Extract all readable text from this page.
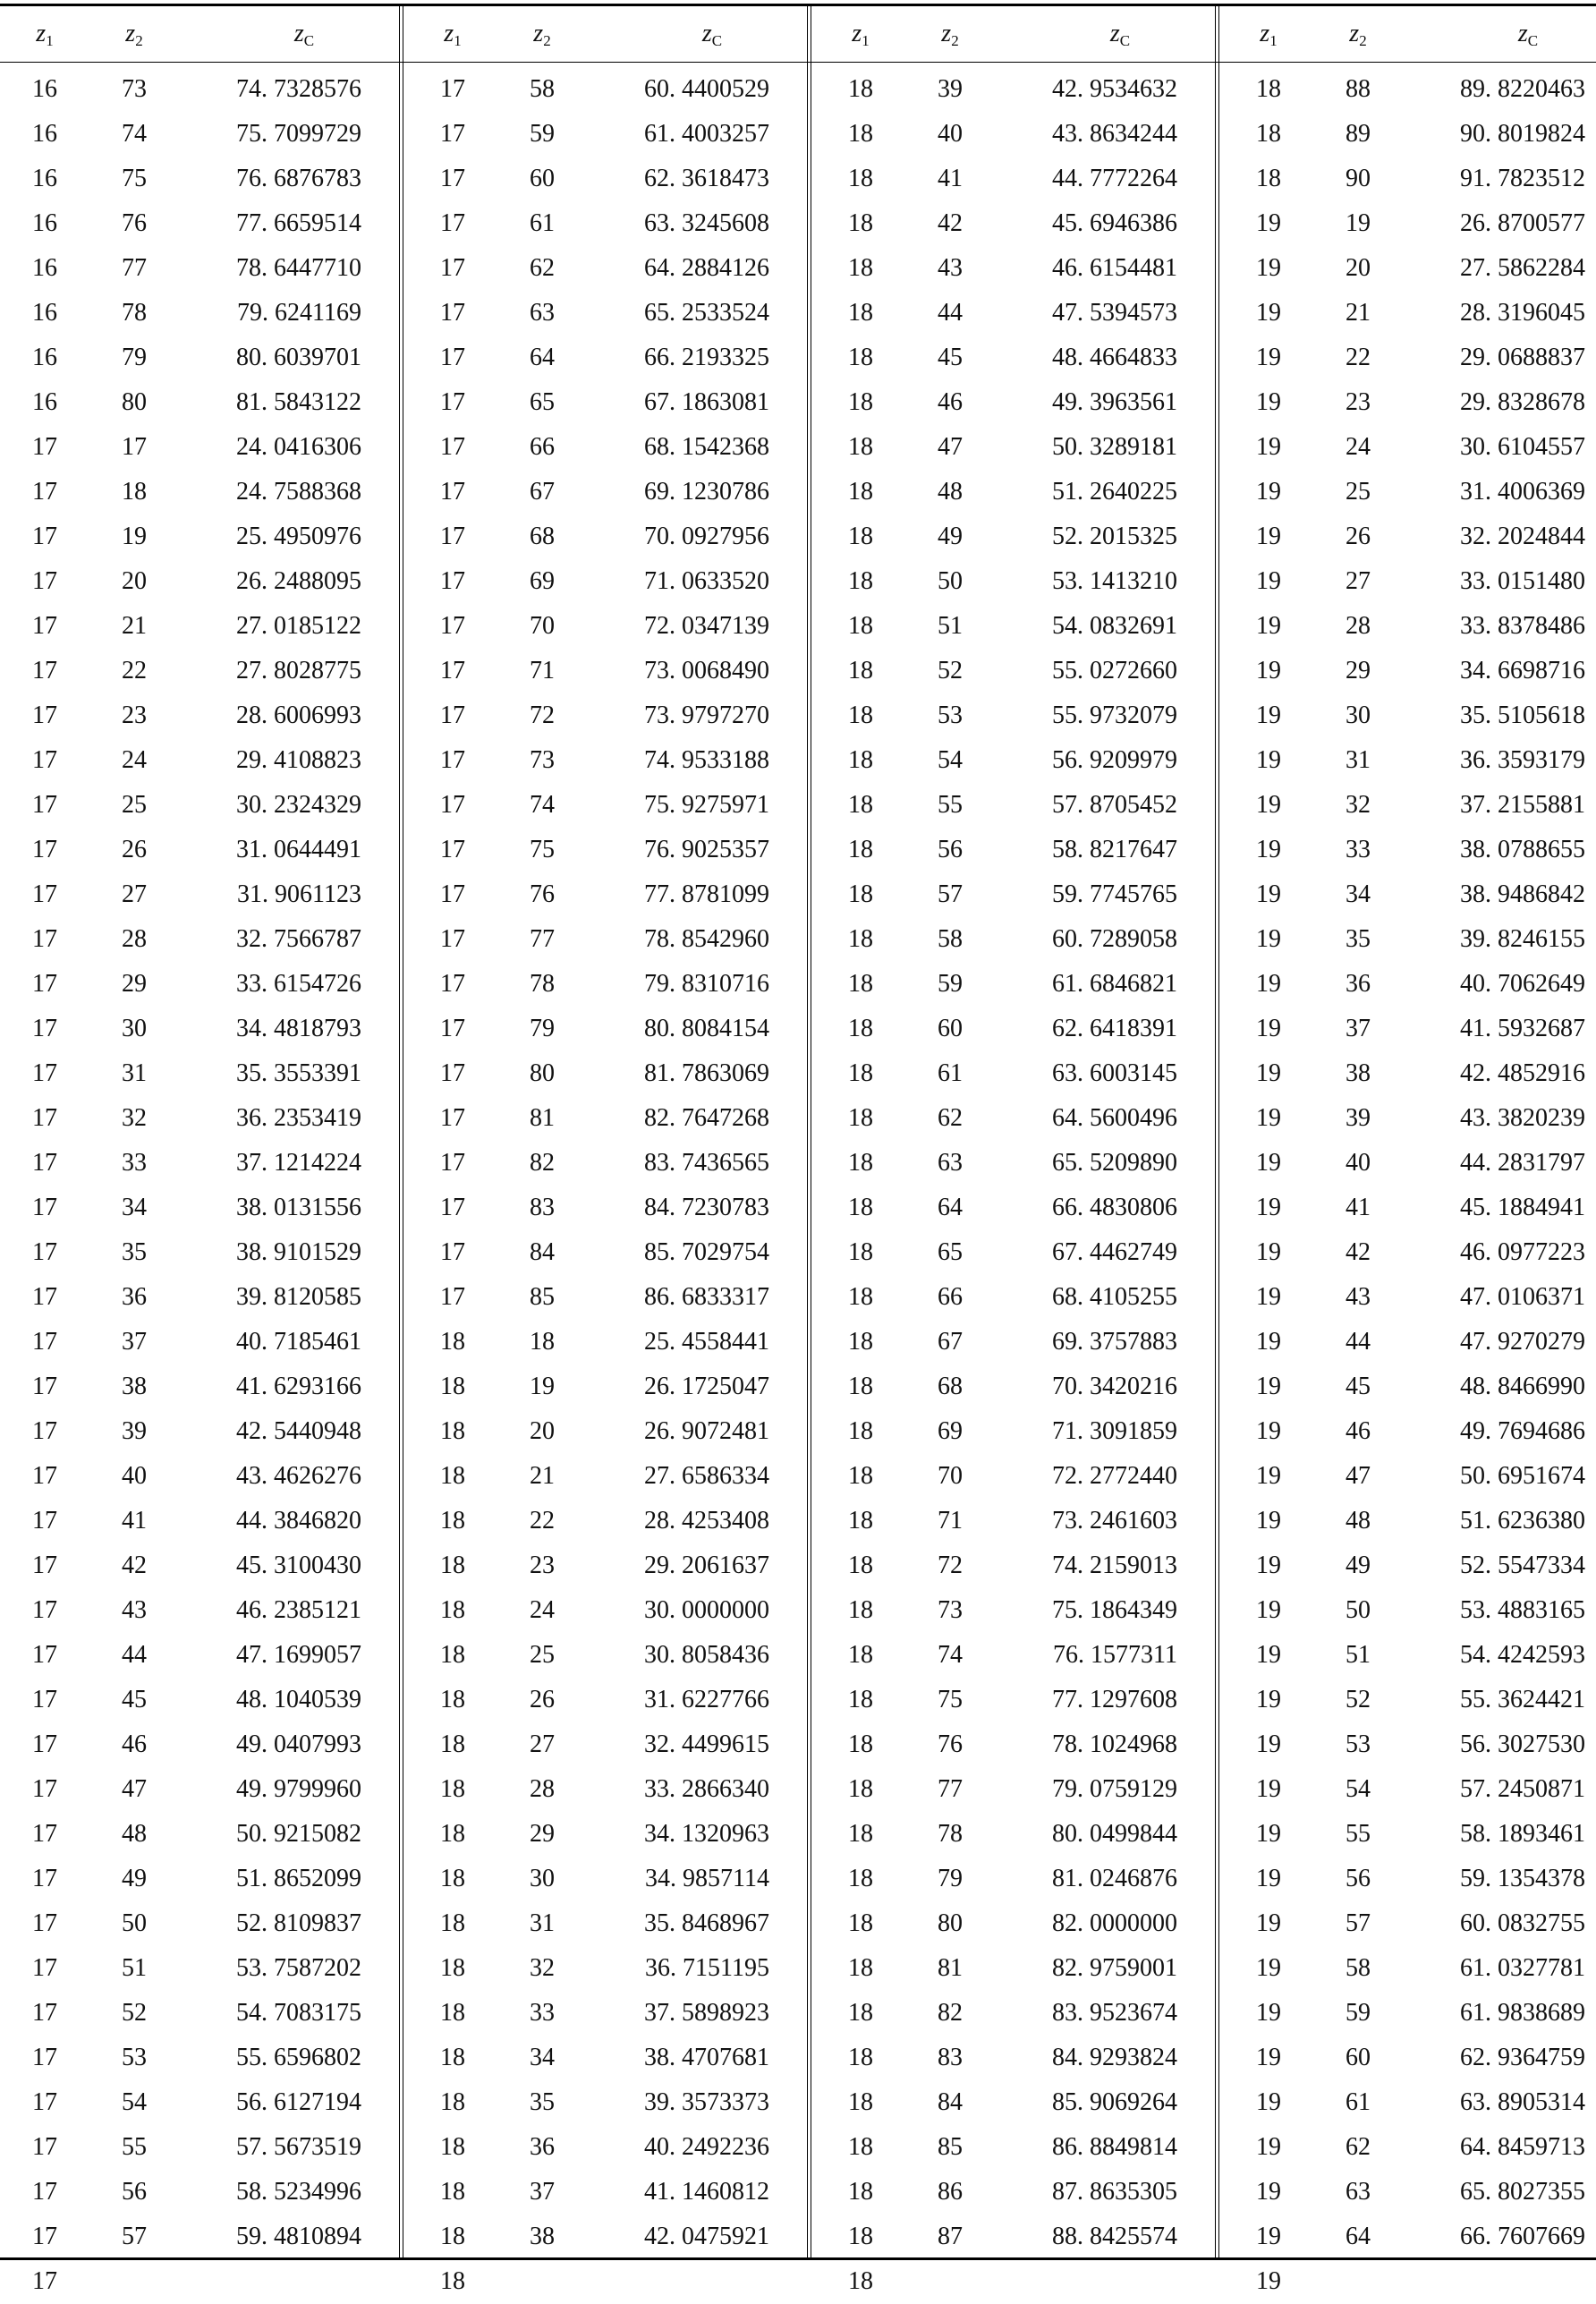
$z_1$	$z_2$	$z_C$
16	73	74. 7328576
16	74	75. 7099729
16	75	76. 6876783
16	76	77. 6659514
16	77	78. 6447710
16	78	79. 6241169
16	79	80. 6039701
16	80	81. 5843122
17	17	24. 0416306
17	18	24. 7588368
17	19	25. 4950976
17	20	26. 2488095
17	21	27. 0185122
17	22	27. 8028775
17	23	28. 6006993
17	24	29. 4108823
17	25	30. 2324329
17	26	31. 0644491
17	27	31. 9061123
17	28	32. 7566787
17	29	33. 6154726
17	30	34. 4818793
17	31	35. 3553391
17	32	36. 2353419
17	33	37. 1214224
17	34	38. 0131556
17	35	38. 9101529
17	36	39. 8120585
17	37	40. 7185461
17	38	41. 6293166
17	39	42. 5440948
17	40	43. 4626276
17	41	44. 3846820
17	42	45. 3100430
17	43	46. 2385121
17	44	47. 1699057
17	45	48. 1040539
17	46	49. 0407993
17	47	49. 9799960
17	48	50. 9215082
17	49	51. 8652099
17	50	52. 8109837
17	51	53. 7587202
17	52	54. 7083175
17	53	55. 6596802
17	54	56. 6127194
17	55	57. 5673519
17	56	58. 5234996
17	57	59. 4810894
17
$z_1$	$z_2$	$z_C$
17	58	60. 4400529
17	59	61. 4003257
17	60	62. 3618473
17	61	63. 3245608
17	62	64. 2884126
17	63	65. 2533524
17	64	66. 2193325
17	65	67. 1863081
17	66	68. 1542368
17	67	69. 1230786
17	68	70. 0927956
17	69	71. 0633520
17	70	72. 0347139
17	71	73. 0068490
17	72	73. 9797270
17	73	74. 9533188
17	74	75. 9275971
17	75	76. 9025357
17	76	77. 8781099
17	77	78. 8542960
17	78	79. 8310716
17	79	80. 8084154
17	80	81. 7863069
17	81	82. 7647268
17	82	83. 7436565
17	83	84. 7230783
17	84	85. 7029754
17	85	86. 6833317
18	18	25. 4558441
18	19	26. 1725047
18	20	26. 9072481
18	21	27. 6586334
18	22	28. 4253408
18	23	29. 2061637
18	24	30. 0000000
18	25	30. 8058436
18	26	31. 6227766
18	27	32. 4499615
18	28	33. 2866340
18	29	34. 1320963
18	30	34. 9857114
18	31	35. 8468967
18	32	36. 7151195
18	33	37. 5898923
18	34	38. 4707681
18	35	39. 3573373
18	36	40. 2492236
18	37	41. 1460812
18	38	42. 0475921
18
$z_1$	$z_2$	$z_C$
18	39	42. 9534632
18	40	43. 8634244
18	41	44. 7772264
18	42	45. 6946386
18	43	46. 6154481
18	44	47. 5394573
18	45	48. 4664833
18	46	49. 3963561
18	47	50. 3289181
18	48	51. 2640225
18	49	52. 2015325
18	50	53. 1413210
18	51	54. 0832691
18	52	55. 0272660
18	53	55. 9732079
18	54	56. 9209979
18	55	57. 8705452
18	56	58. 8217647
18	57	59. 7745765
18	58	60. 7289058
18	59	61. 6846821
18	60	62. 6418391
18	61	63. 6003145
18	62	64. 5600496
18	63	65. 5209890
18	64	66. 4830806
18	65	67. 4462749
18	66	68. 4105255
18	67	69. 3757883
18	68	70. 3420216
18	69	71. 3091859
18	70	72. 2772440
18	71	73. 2461603
18	72	74. 2159013
18	73	75. 1864349
18	74	76. 1577311
18	75	77. 1297608
18	76	78. 1024968
18	77	79. 0759129
18	78	80. 0499844
18	79	81. 0246876
18	80	82. 0000000
18	81	82. 9759001
18	82	83. 9523674
18	83	84. 9293824
18	84	85. 9069264
18	85	86. 8849814
18	86	87. 8635305
18	87	88. 8425574
18
$z_1$	$z_2$	$z_C$
18	88	89. 8220463
18	89	90. 8019824
18	90	91. 7823512
19	19	26. 8700577
19	20	27. 5862284
19	21	28. 3196045
19	22	29. 0688837
19	23	29. 8328678
19	24	30. 6104557
19	25	31. 4006369
19	26	32. 2024844
19	27	33. 0151480
19	28	33. 8378486
19	29	34. 6698716
19	30	35. 5105618
19	31	36. 3593179
19	32	37. 2155881
19	33	38. 0788655
19	34	38. 9486842
19	35	39. 8246155
19	36	40. 7062649
19	37	41. 5932687
19	38	42. 4852916
19	39	43. 3820239
19	40	44. 2831797
19	41	45. 1884941
19	42	46. 0977223
19	43	47. 0106371
19	44	47. 9270279
19	45	48. 8466990
19	46	49. 7694686
19	47	50. 6951674
19	48	51. 6236380
19	49	52. 5547334
19	50	53. 4883165
19	51	54. 4242593
19	52	55. 3624421
19	53	56. 3027530
19	54	57. 2450871
19	55	58. 1893461
19	56	59. 1354378
19	57	60. 0832755
19	58	61. 0327781
19	59	61. 9838689
19	60	62. 9364759
19	61	63. 8905314
19	62	64. 8459713
19	63	65. 8027355
19	64	66. 7607669
19
